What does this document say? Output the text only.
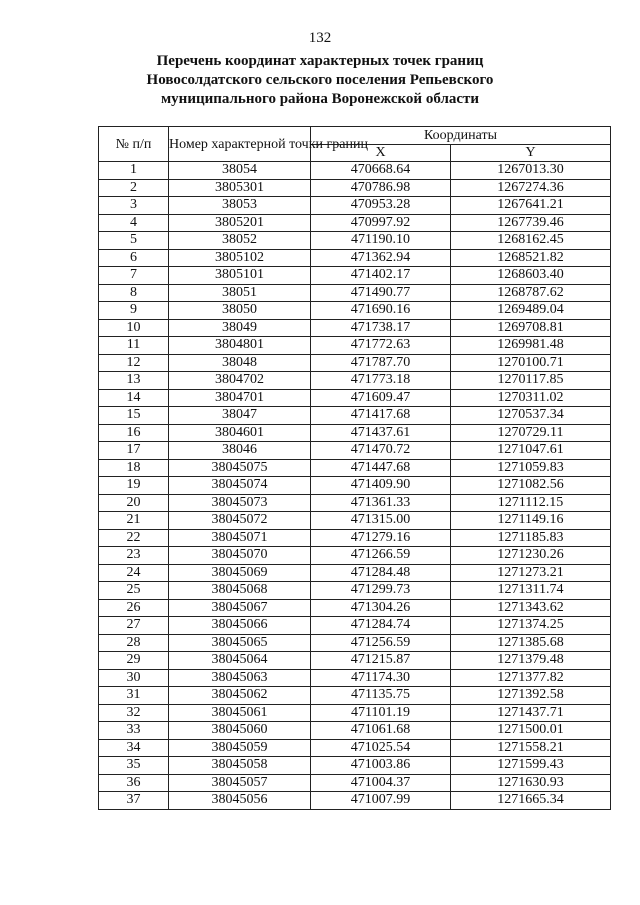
132
Перечень координат характерных точек границ
Новосолдатского сельского поселения Репьевского
муниципального района Воронежской области
№ п/п	Номер характерной точки границ	Координаты	
		X	Y
1	38054	470668.64	1267013.30
2	3805301	470786.98	1267274.36
3	38053	470953.28	1267641.21
4	3805201	470997.92	1267739.46
5	38052	471190.10	1268162.45
6	3805102	471362.94	1268521.82
7	3805101	471402.17	1268603.40
8	38051	471490.77	1268787.62
9	38050	471690.16	1269489.04
10	38049	471738.17	1269708.81
11	3804801	471772.63	1269981.48
12	38048	471787.70	1270100.71
13	3804702	471773.18	1270117.85
14	3804701	471609.47	1270311.02
15	38047	471417.68	1270537.34
16	3804601	471437.61	1270729.11
17	38046	471470.72	1271047.61
18	38045075	471447.68	1271059.83
19	38045074	471409.90	1271082.56
20	38045073	471361.33	1271112.15
21	38045072	471315.00	1271149.16
22	38045071	471279.16	1271185.83
23	38045070	471266.59	1271230.26
24	38045069	471284.48	1271273.21
25	38045068	471299.73	1271311.74
26	38045067	471304.26	1271343.62
27	38045066	471284.74	1271374.25
28	38045065	471256.59	1271385.68
29	38045064	471215.87	1271379.48
30	38045063	471174.30	1271377.82
31	38045062	471135.75	1271392.58
32	38045061	471101.19	1271437.71
33	38045060	471061.68	1271500.01
34	38045059	471025.54	1271558.21
35	38045058	471003.86	1271599.43
36	38045057	471004.37	1271630.93
37	38045056	471007.99	1271665.34
